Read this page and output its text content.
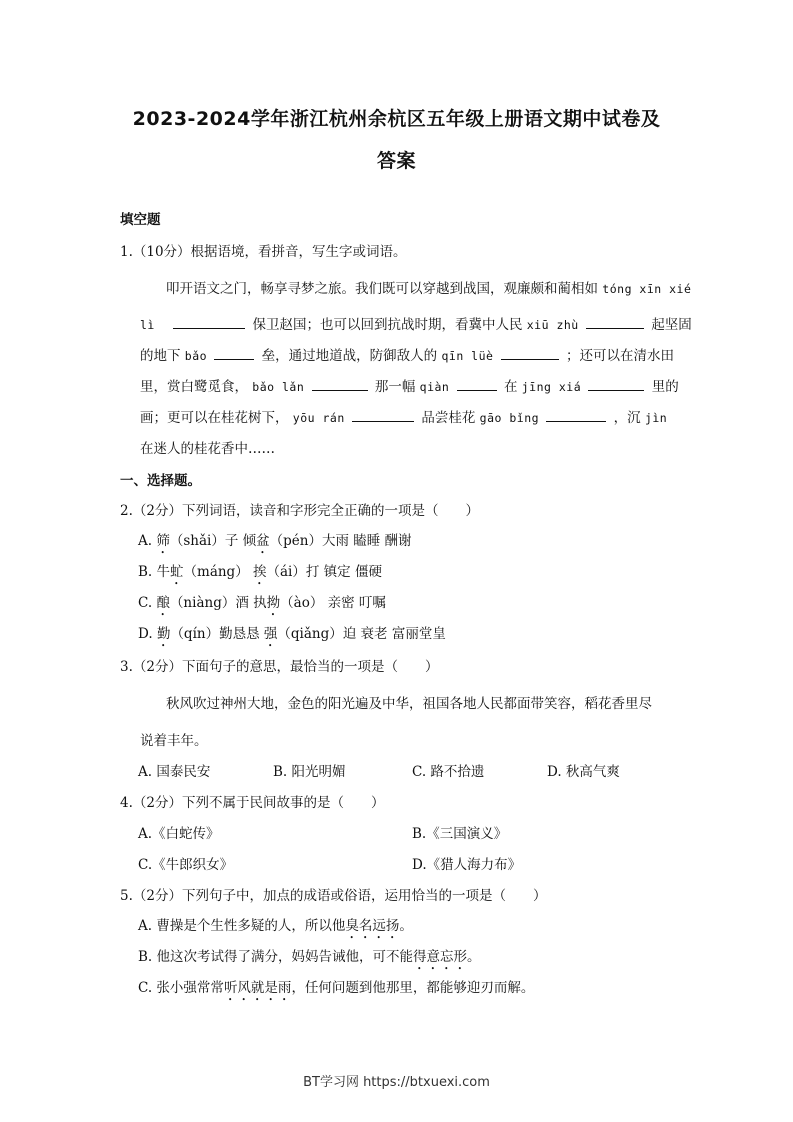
2023-2024学年浙江杭州余杭区五年级上册语文期中试卷及
答案
填空题
1.（10分）根据语境，看拼音，写生字或词语。
叩开语文之门，畅享寻梦之旅。我们既可以穿越到战国，观廉颇和蔺相如 tóng xīn xié
lì	保卫赵国；也可以回到抗战时期，看冀中人民 xiū zhù	起坚固
的地下 bǎo	垒，通过地道战，防御敌人的 qīn lüè	；还可以在清水田
里，赏白鹭觅食， bǎo lǎn	那一幅 qiàn	在 jīng xiá	里的
画；更可以在桂花树下， yōu rán	品尝桂花 gāo bǐng	，沉 jìn
在迷人的桂花香中……
一、选择题。
2.（2分）下列词语，读音和字形完全正确的一项是（　　）
A. 筛（shǎi）子 倾盆（pén）大雨 瞌睡 酬谢
B. 牛虻（máng） 挨（ái）打 镇定 僵硬
C. 酿（niàng）酒 执拗（ào） 亲密 叮嘱
D. 勤（qín）勤恳恳 强（qiǎng）迫 衰老 富丽堂皇
3.（2分）下面句子的意思，最恰当的一项是（　　）
秋风吹过神州大地，金色的阳光遍及中华，祖国各地人民都面带笑容，稻花香里尽
说着丰年。
A. 国泰民安	B. 阳光明媚	C. 路不拾遗	D. 秋高气爽
4.（2分）下列不属于民间故事的是（　　）
A.《白蛇传》	B.《三国演义》
C.《牛郎织女》	D.《猎人海力布》
5.（2分）下列句子中，加点的成语或俗语，运用恰当的一项是（　　）
A. 曹操是个生性多疑的人，所以他臭名远扬。
B. 他这次考试得了满分，妈妈告诫他，可不能得意忘形。
C. 张小强常常听风就是雨，任何问题到他那里，都能够迎刃而解。
BT学习网 https://btxuexi.com
